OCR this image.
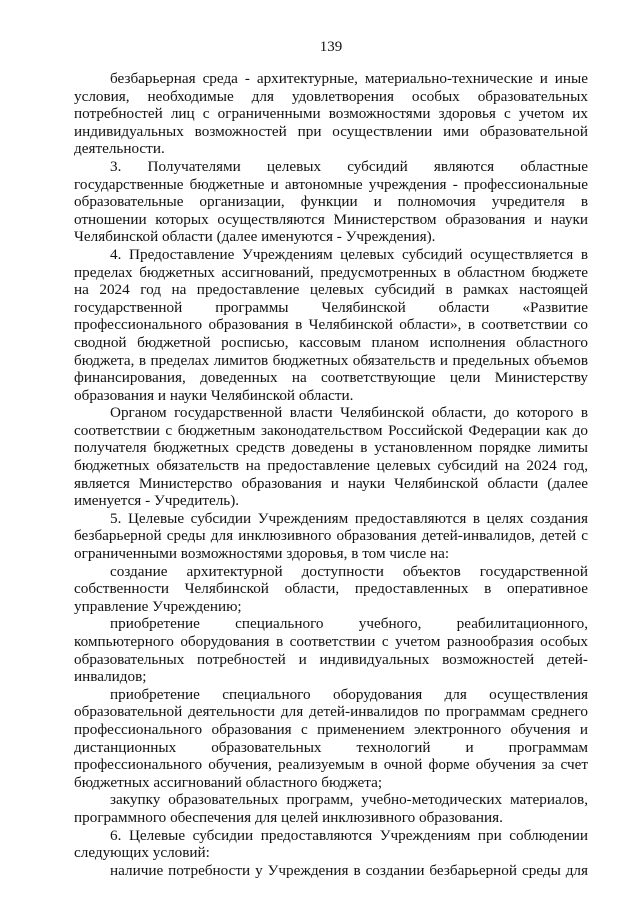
139

безбарьерная среда - архитектурные, материально-технические и иные условия, необходимые для удовлетворения особых образовательных потребностей лиц с ограниченными возможностями здоровья с учетом их индивидуальных возможностей при осуществлении ими образовательной деятельности.

3. Получателями целевых субсидий являются областные государственные бюджетные и автономные учреждения - профессиональные образовательные организации, функции и полномочия учредителя в отношении которых осуществляются Министерством образования и науки Челябинской области (далее именуются - Учреждения).

4. Предоставление Учреждениям целевых субсидий осуществляется в пределах бюджетных ассигнований, предусмотренных в областном бюджете на 2024 год на предоставление целевых субсидий в рамках настоящей государственной программы Челябинской области «Развитие профессионального образования в Челябинской области», в соответствии со сводной бюджетной росписью, кассовым планом исполнения областного бюджета, в пределах лимитов бюджетных обязательств и предельных объемов финансирования, доведенных на соответствующие цели Министерству образования и науки Челябинской области.

Органом государственной власти Челябинской области, до которого в соответствии с бюджетным законодательством Российской Федерации как до получателя бюджетных средств доведены в установленном порядке лимиты бюджетных обязательств на предоставление целевых субсидий на 2024 год, является Министерство образования и науки Челябинской области (далее именуется - Учредитель).

5. Целевые субсидии Учреждениям предоставляются в целях создания безбарьерной среды для инклюзивного образования детей-инвалидов, детей с ограниченными возможностями здоровья, в том числе на:

создание архитектурной доступности объектов государственной собственности Челябинской области, предоставленных в оперативное управление Учреждению;

приобретение специального учебного, реабилитационного, компьютерного оборудования в соответствии с учетом разнообразия особых образовательных потребностей и индивидуальных возможностей детей-инвалидов;

приобретение специального оборудования для осуществления образовательной деятельности для детей-инвалидов по программам среднего профессионального образования с применением электронного обучения и дистанционных образовательных технологий и программам профессионального обучения, реализуемым в очной форме обучения за счет бюджетных ассигнований областного бюджета;

закупку образовательных программ, учебно-методических материалов, программного обеспечения для целей инклюзивного образования.

6. Целевые субсидии предоставляются Учреждениям при соблюдении следующих условий:

наличие потребности у Учреждения в создании безбарьерной среды для
